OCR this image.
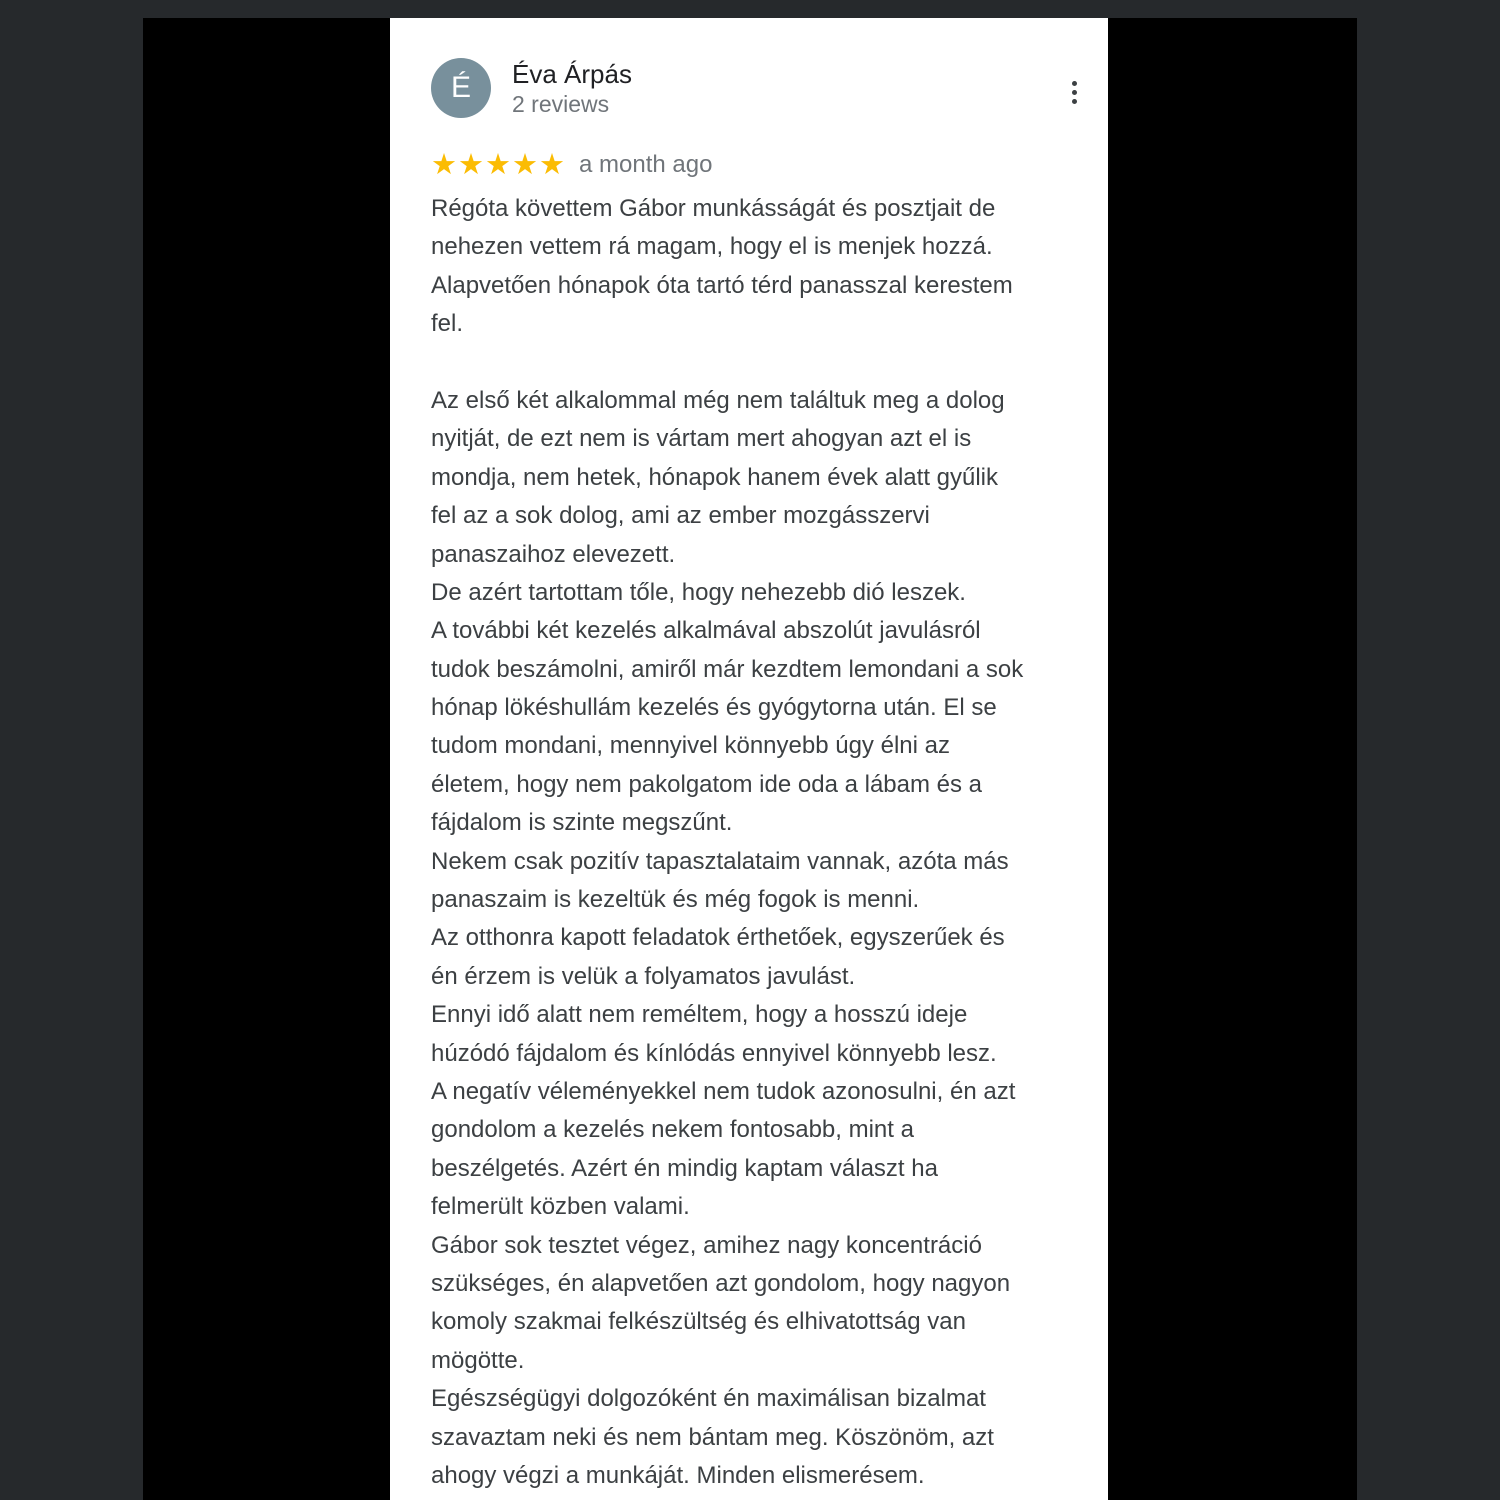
É	Éva Árpás
2 reviews
★ ★ ★ ★ ★ a month ago
Régóta követtem Gábor munkásságát és posztjait de
nehezen vettem rá magam, hogy el is menjek hozzá.
Alapvetően hónapok óta tartó térd panasszal kerestem
fel.
Az első két alkalommal még nem találtuk meg a dolog
nyitját, de ezt nem is vártam mert ahogyan azt el is
mondja, nem hetek, hónapok hanem évek alatt gyűlik
fel az a sok dolog, ami az ember mozgásszervi
panaszaihoz elevezett.
De azért tartottam tőle, hogy nehezebb dió leszek.
A további két kezelés alkalmával abszolút javulásról
tudok beszámolni, amiről már kezdtem lemondani a sok
hónap lökéshullám kezelés és gyógytorna után. El se
tudom mondani, mennyivel könnyebb úgy élni az
életem, hogy nem pakolgatom ide oda a lábam és a
fájdalom is szinte megszűnt.
Nekem csak pozitív tapasztalataim vannak, azóta más
panaszaim is kezeltük és még fogok is menni.
Az otthonra kapott feladatok érthetőek, egyszerűek és
én érzem is velük a folyamatos javulást.
Ennyi idő alatt nem reméltem, hogy a hosszú ideje
húzódó fájdalom és kínlódás ennyivel könnyebb lesz.
A negatív véleményekkel nem tudok azonosulni, én azt
gondolom a kezelés nekem fontosabb, mint a
beszélgetés. Azért én mindig kaptam választ ha
felmerült közben valami.
Gábor sok tesztet végez, amihez nagy koncentráció
szükséges, én alapvetően azt gondolom, hogy nagyon
komoly szakmai felkészültség és elhivatottság van
mögötte.
Egészségügyi dolgozóként én maximálisan bizalmat
szavaztam neki és nem bántam meg. Köszönöm, azt
ahogy végzi a munkáját. Minden elismerésem.
